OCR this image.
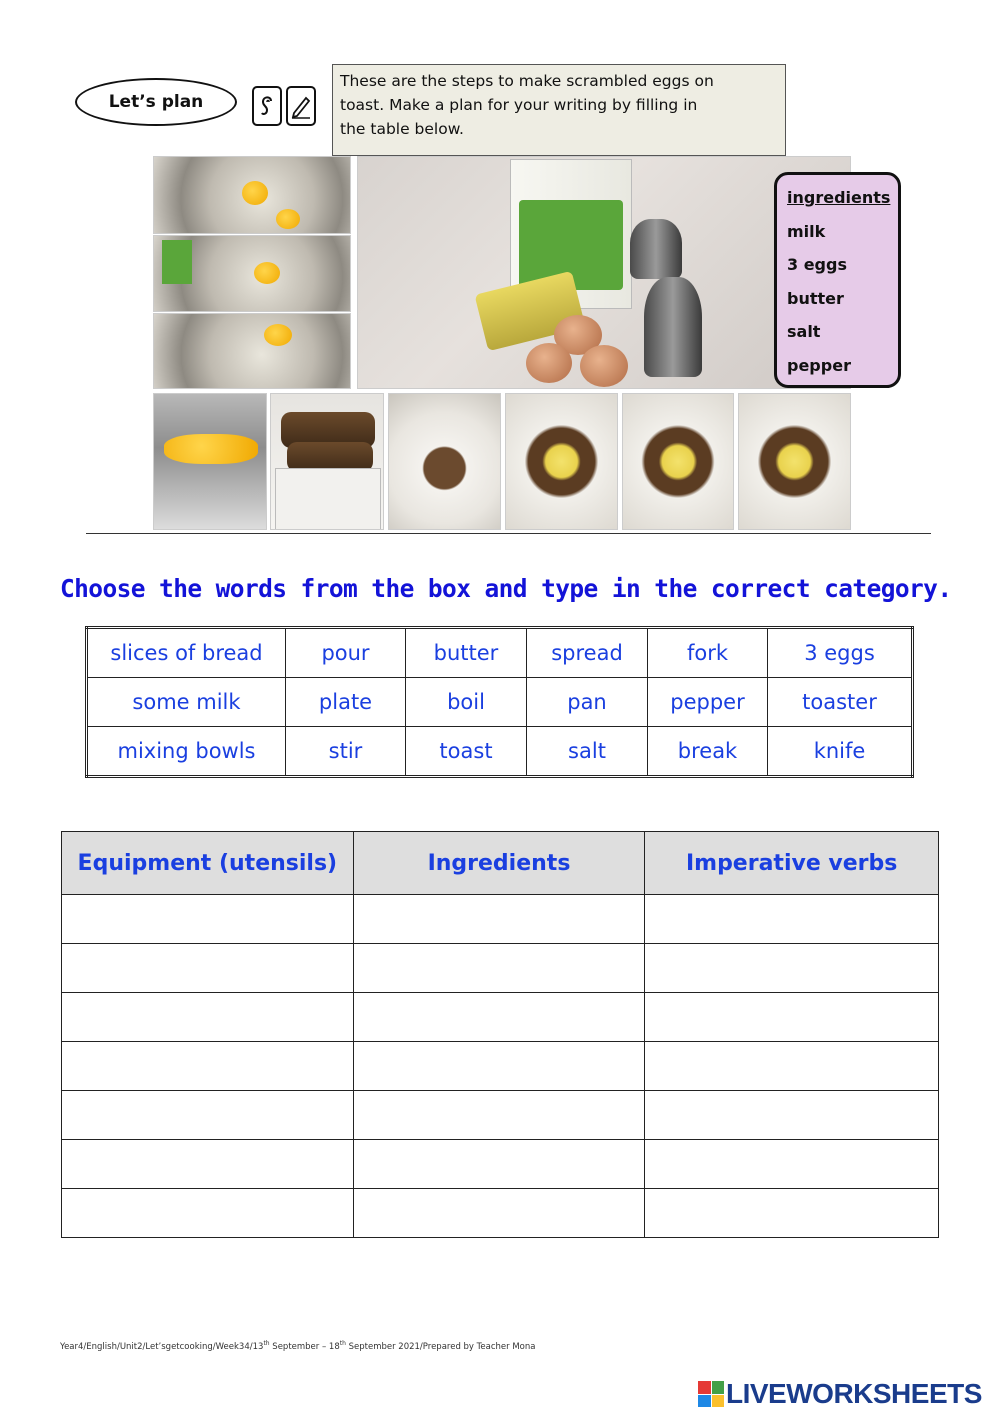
Let’s plan
These are the steps to make scrambled eggs on
toast. Make a plan for your writing by filling in
the table below.
ingredients
milk
3 eggs
butter
salt
pepper
Choose the words from the box and type in the correct category.
slices of bread	pour	butter	spread	fork	3 eggs
some milk	plate	boil	pan	pepper	toaster
mixing bowls	stir	toast	salt	break	knife
Equipment (utensils)	Ingredients	Imperative verbs

Year4/English/Unit2/Let’sgetcooking/Week34/13th September – 18th September 2021/Prepared by Teacher Mona
LIVEWORKSHEETS
